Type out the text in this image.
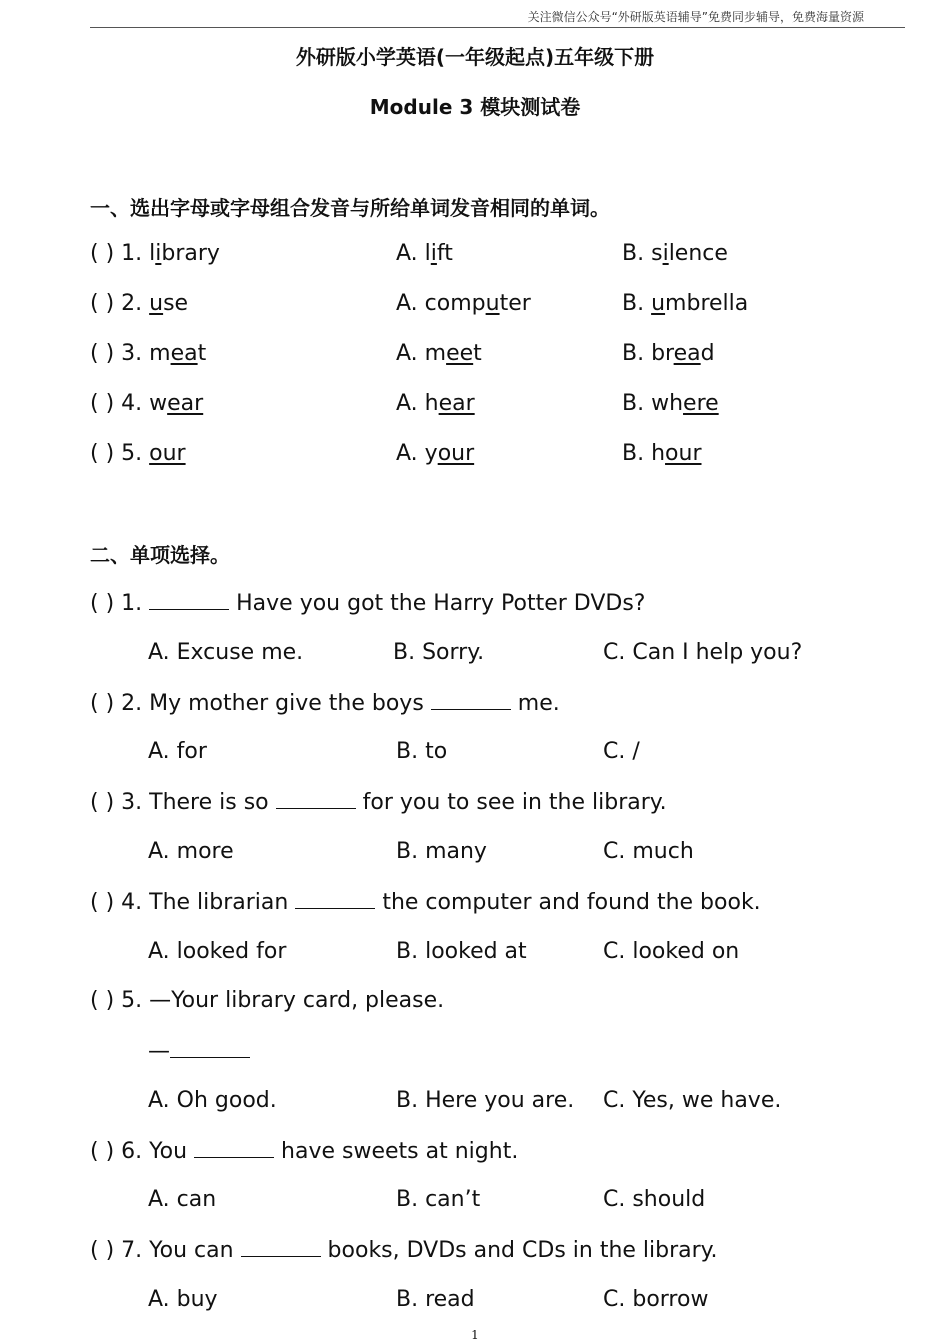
关注微信公众号“外研版英语辅导”免费同步辅导，免费海量资源
外研版小学英语(一年级起点)五年级下册
Module 3 模块测试卷
一、选出字母或字母组合发音与所给单词发音相同的单词。
( ) 1. library	A. lift	B. silence
( ) 2. use	A. computer	B. umbrella
( ) 3. meat	A. meet	B. bread
( ) 4. wear	A. hear	B. where
( ) 5. our	A. your	B. hour
二、单项选择。
( ) 1.	Have you got the Harry Potter DVDs?
A. Excuse me.	B. Sorry.	C. Can I help you?
( ) 2. My mother give the boys	me.
A. for	B. to	C. /
( ) 3. There is so	for you to see in the library.
A. more	B. many	C. much
( ) 4. The librarian	the computer and found the book.
A. looked for	B. looked at	C. looked on
( ) 5. —Your library card, please.
—
A. Oh good.	B. Here you are. C. Yes, we have.
( ) 6. You	have sweets at night.
A. can	B. can’t	C. should
( ) 7. You can	books, DVDs and CDs in the library.
A. buy	B. read	C. borrow
1
